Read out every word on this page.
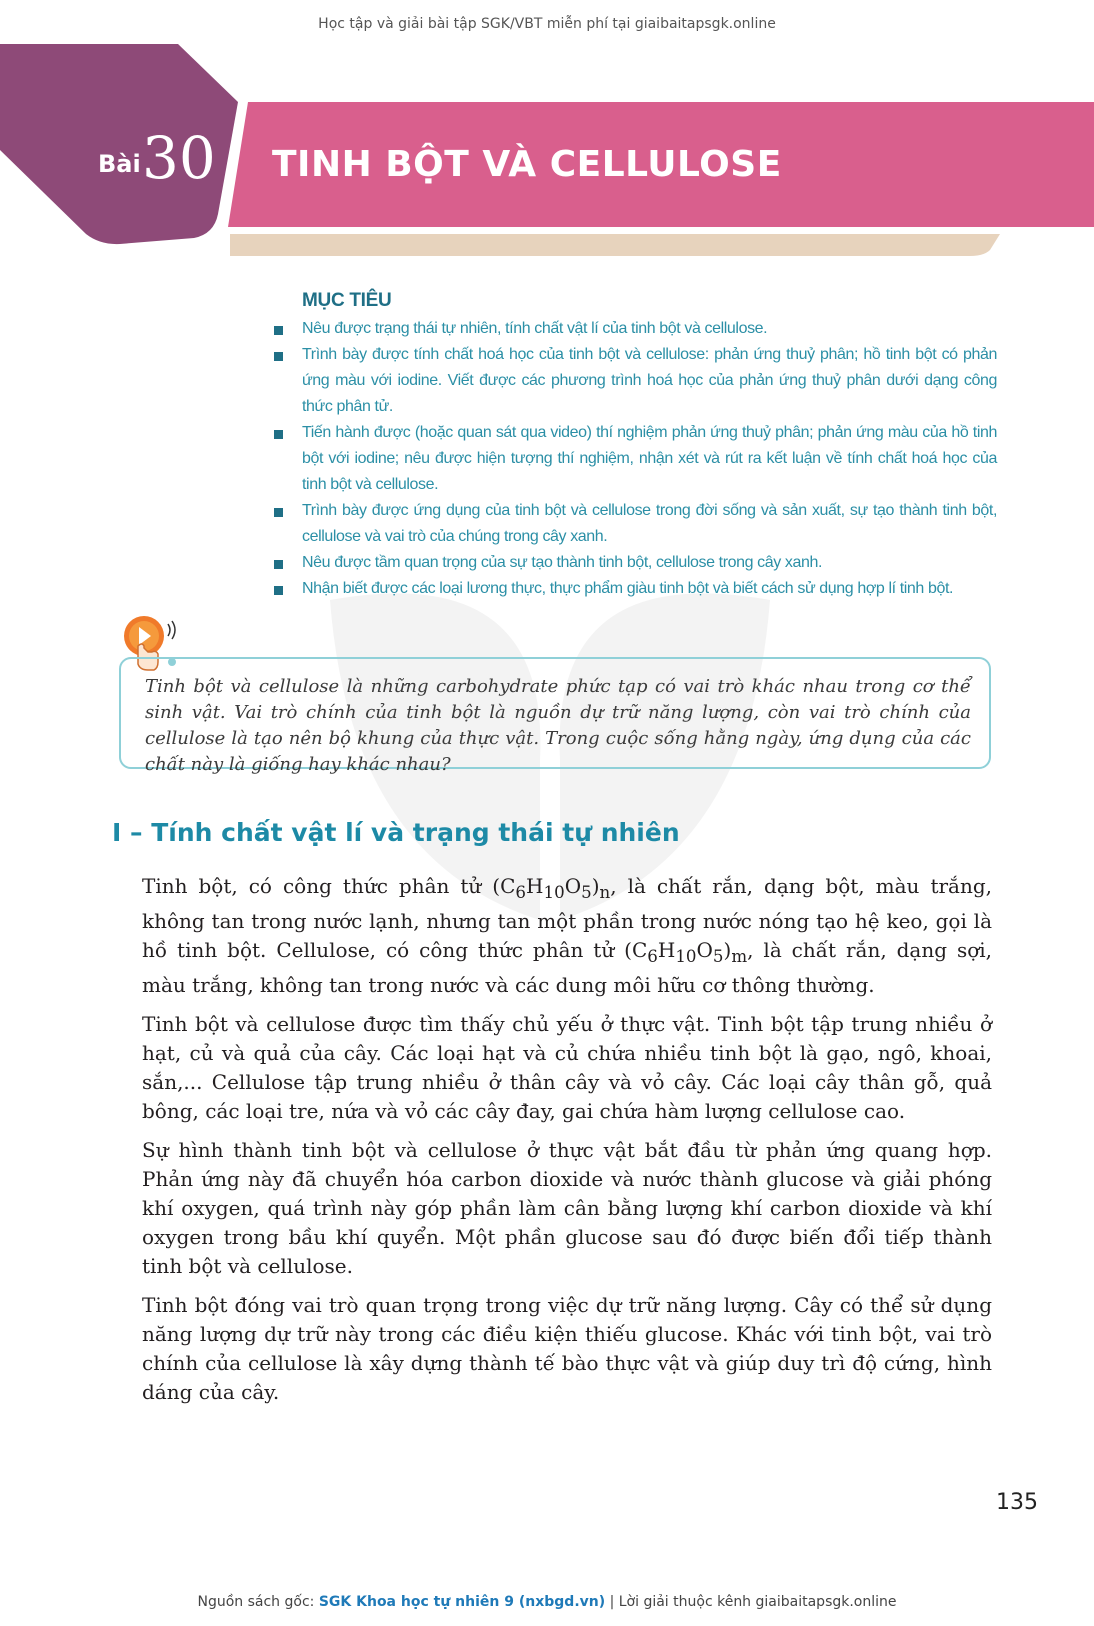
Học tập và giải bài tập SGK/VBT miễn phí tại giaibaitapsgk.online
Bài 30 TINH BỘT VÀ CELLULOSE
MỤC TIÊU
Nêu được trạng thái tự nhiên, tính chất vật lí của tinh bột và cellulose.
Trình bày được tính chất hoá học của tinh bột và cellulose: phản ứng thuỷ phân; hồ tinh bột có phản ứng màu với iodine. Viết được các phương trình hoá học của phản ứng thuỷ phân dưới dạng công thức phân tử.
Tiến hành được (hoặc quan sát qua video) thí nghiệm phản ứng thuỷ phân; phản ứng màu của hồ tinh bột với iodine; nêu được hiện tượng thí nghiệm, nhận xét và rút ra kết luận về tính chất hoá học của tinh bột và cellulose.
Trình bày được ứng dụng của tinh bột và cellulose trong đời sống và sản xuất, sự tạo thành tinh bột, cellulose và vai trò của chúng trong cây xanh.
Nêu được tầm quan trọng của sự tạo thành tinh bột, cellulose trong cây xanh.
Nhận biết được các loại lương thực, thực phẩm giàu tinh bột và biết cách sử dụng hợp lí tinh bột.
Tinh bột và cellulose là những carbohydrate phức tạp có vai trò khác nhau trong cơ thể sinh vật. Vai trò chính của tinh bột là nguồn dự trữ năng lượng, còn vai trò chính của cellulose là tạo nên bộ khung của thực vật. Trong cuộc sống hằng ngày, ứng dụng của các chất này là giống hay khác nhau?
I – Tính chất vật lí và trạng thái tự nhiên

Tinh bột, có công thức phân tử $(C_6H_{10}O_5)_n$, là chất rắn, dạng bột, màu trắng, không tan trong nước lạnh, nhưng tan một phần trong nước nóng tạo hệ keo, gọi là hồ tinh bột. Cellulose, có công thức phân tử $(C_6H_{10}O_5)_m$, là chất rắn, dạng sợi, màu trắng, không tan trong nước và các dung môi hữu cơ thông thường.

Tinh bột và cellulose được tìm thấy chủ yếu ở thực vật. Tinh bột tập trung nhiều ở hạt, củ và quả của cây. Các loại hạt và củ chứa nhiều tinh bột là gạo, ngô, khoai, sắn,... Cellulose tập trung nhiều ở thân cây và vỏ cây. Các loại cây thân gỗ, quả bông, các loại tre, nứa và vỏ các cây đay, gai chứa hàm lượng cellulose cao.

Sự hình thành tinh bột và cellulose ở thực vật bắt đầu từ phản ứng quang hợp. Phản ứng này đã chuyển hóa carbon dioxide và nước thành glucose và giải phóng khí oxygen, quá trình này góp phần làm cân bằng lượng khí carbon dioxide và khí oxygen trong bầu khí quyển. Một phần glucose sau đó được biến đổi tiếp thành tinh bột và cellulose.

Tinh bột đóng vai trò quan trọng trong việc dự trữ năng lượng. Cây có thể sử dụng năng lượng dự trữ này trong các điều kiện thiếu glucose. Khác với tinh bột, vai trò chính của cellulose là xây dựng thành tế bào thực vật và giúp duy trì độ cứng, hình dáng của cây.

135
Nguồn sách gốc: SGK Khoa học tự nhiên 9 (nxbgd.vn) | Lời giải thuộc kênh giaibaitapsgk.online
